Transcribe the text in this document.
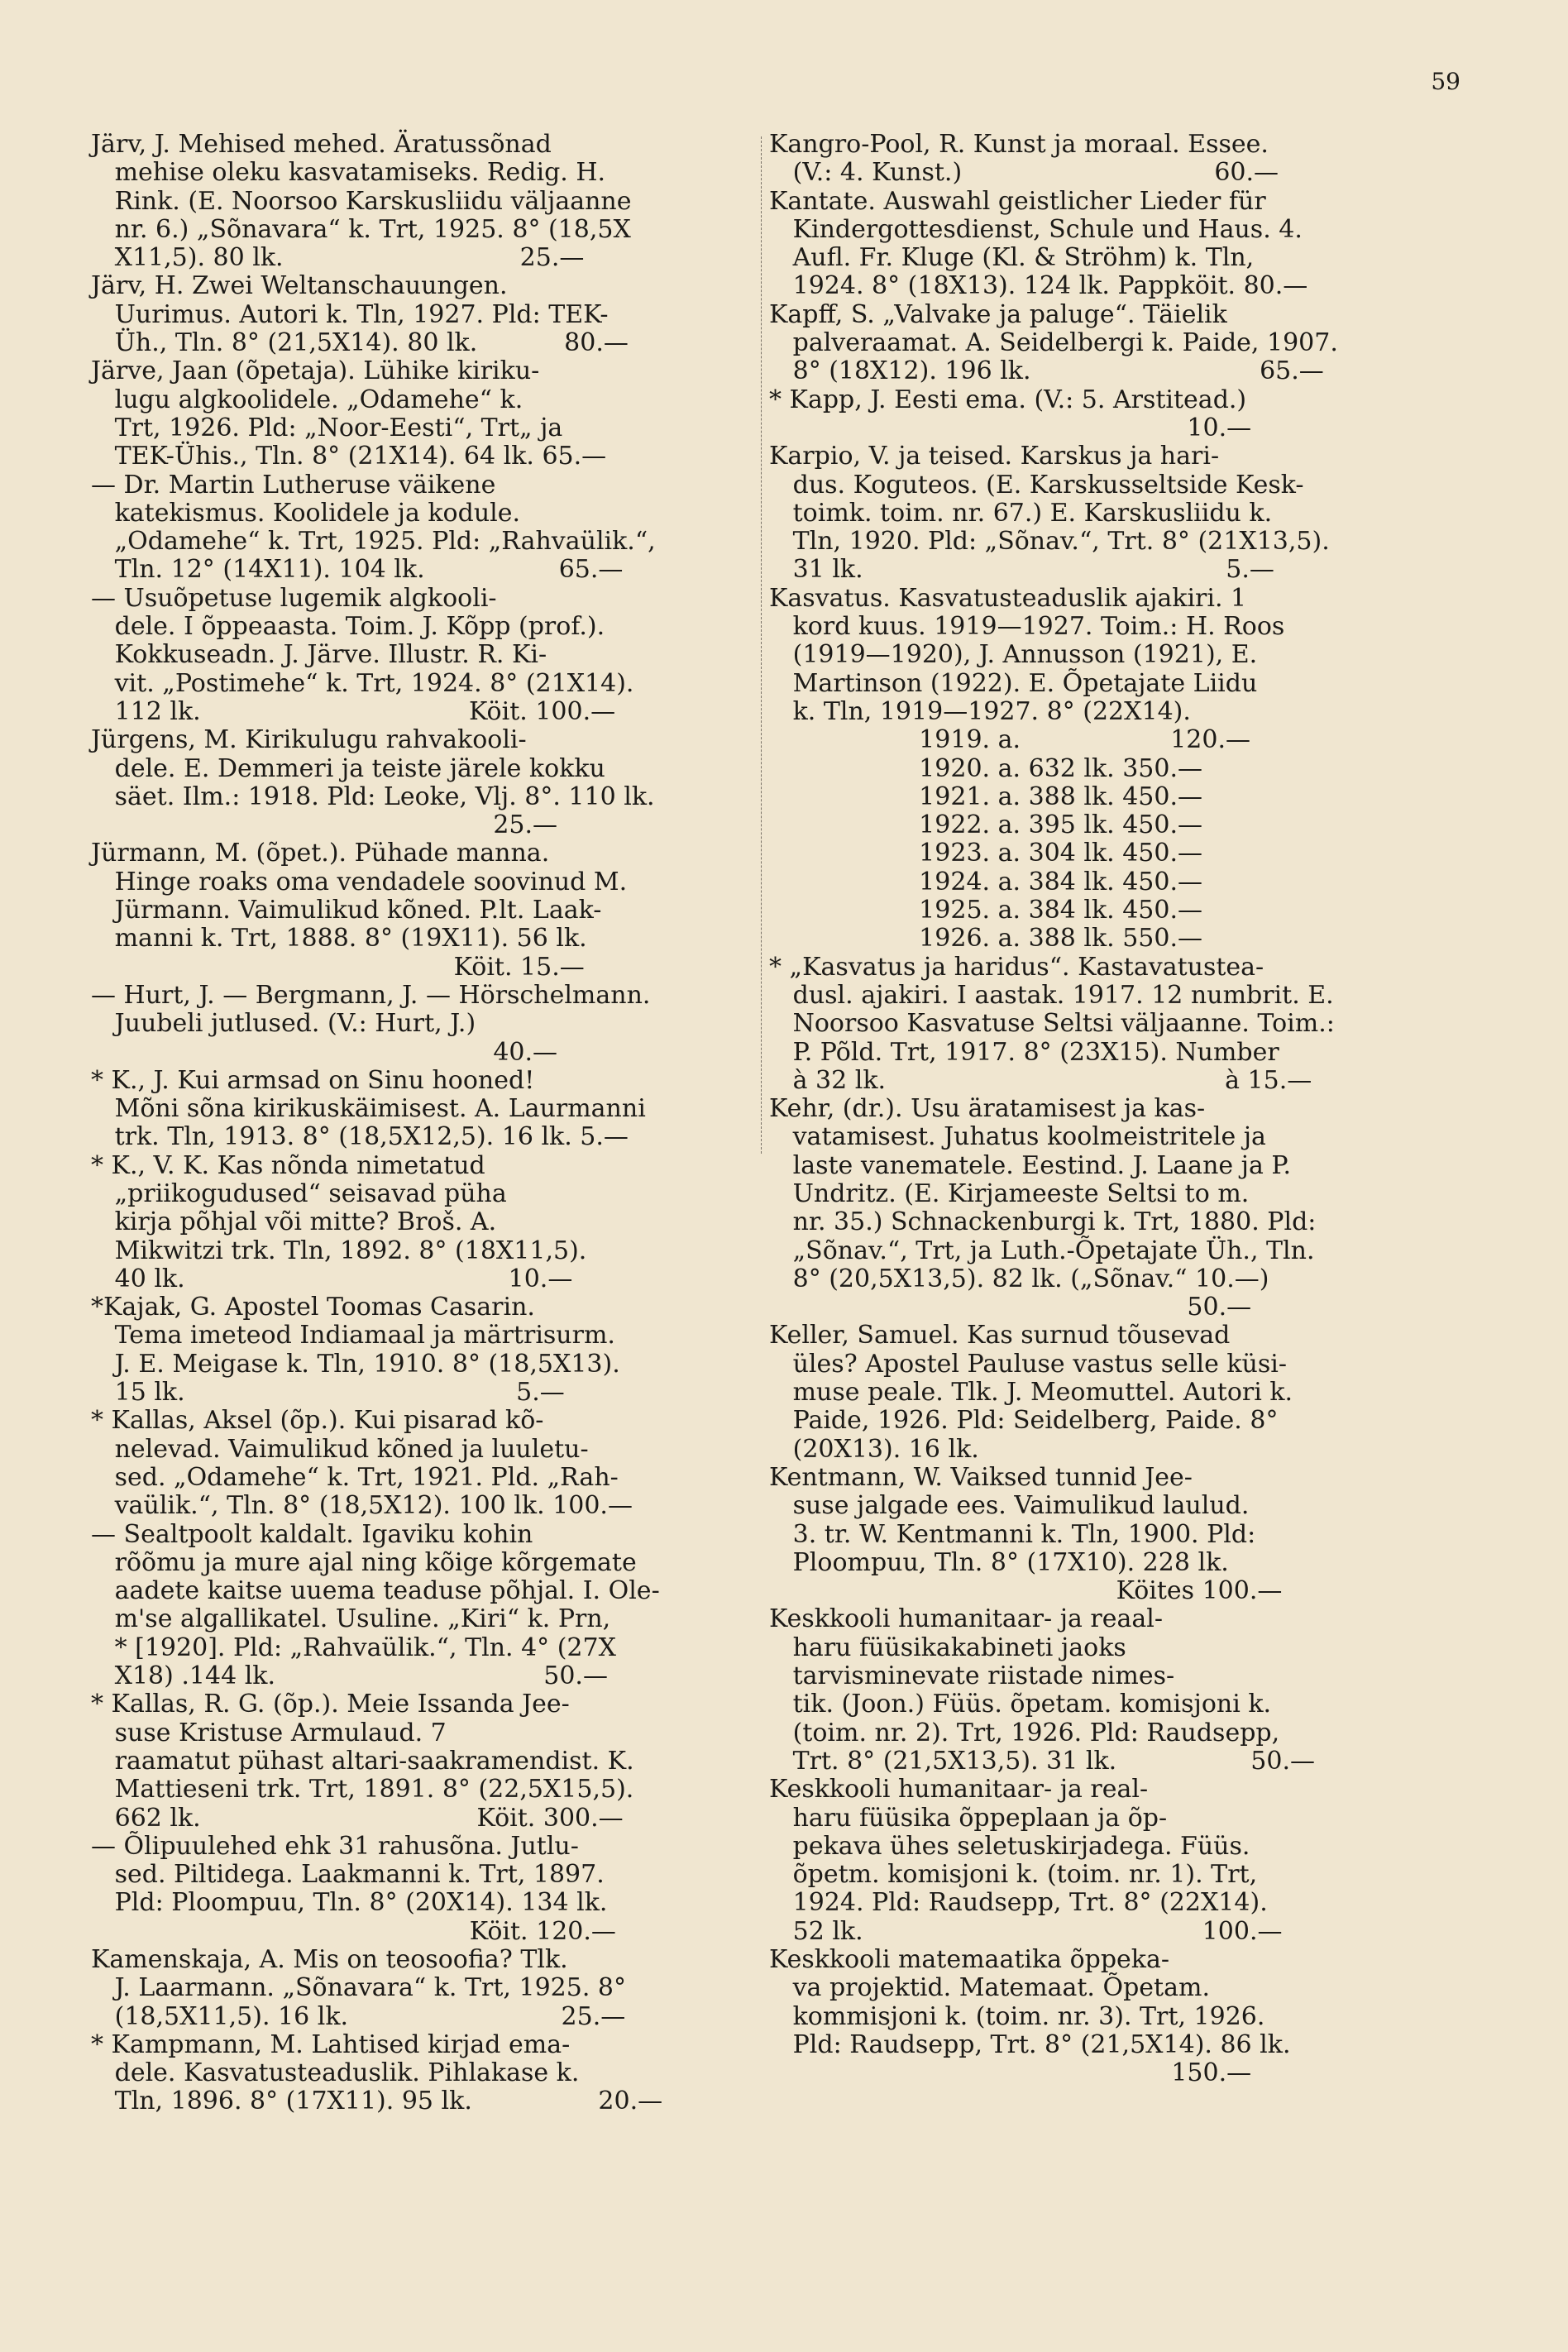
59
Järv, J. Mehised mehed. Äratussõnad
mehise oleku kasvatamiseks. Redig. H.
Rink. (E. Noorsoo Karskusliidu väljaanne
nr. 6.) „Sõnavara“ k. Trt, 1925. 8° (18,5X
X11,5). 80 lk.                              25.—
Järv, H. Zwei Weltanschauungen.
Uurimus. Autori k. Tln, 1927. Pld: TEK-
Üh., Tln. 8° (21,5X14). 80 lk.           80.—
Järve, Jaan (õpetaja). Lühike kiriku-
lugu algkoolidele. „Odamehe“ k.
Trt, 1926. Pld: „Noor-Eesti“, Trt„ ja
TEK-Ühis., Tln. 8° (21X14). 64 lk. 65.—
— Dr. Martin Lutheruse väikene
katekismus. Koolidele ja kodule.
„Odamehe“ k. Trt, 1925. Pld: „Rahvaülik.“,
Tln. 12° (14X11). 104 lk.                 65.—
— Usuõpetuse lugemik algkooli-
dele. I õppeaasta. Toim. J. Kõpp (prof.).
Kokkuseadn. J. Järve. Illustr. R. Ki-
vit. „Postimehe“ k. Trt, 1924. 8° (21X14).
112 lk.                                  Köit. 100.—
Jürgens, M. Kirikulugu rahvakooli-
dele. E. Demmeri ja teiste järele kokku
säet. Ilm.: 1918. Pld: Leoke, Vlj. 8°. 110 lk.
25.—
Jürmann, M. (õpet.). Pühade manna.
Hinge roaks oma vendadele soovinud M.
Jürmann. Vaimulikud kõned. P.lt. Laak-
manni k. Trt, 1888. 8° (19X11). 56 lk.
Köit. 15.—
— Hurt, J. — Bergmann, J. — Hörschelmann.
Juubeli jutlused. (V.: Hurt, J.)
40.—
* K., J. Kui armsad on Sinu hooned!
Mõni sõna kirikuskäimisest. A. Laurmanni
trk. Tln, 1913. 8° (18,5X12,5). 16 lk. 5.—
* K., V. K. Kas nõnda nimetatud
„priikogudused“ seisavad püha
kirja põhjal või mitte? Broš. A.
Mikwitzi trk. Tln, 1892. 8° (18X11,5).
40 lk.                                         10.—
*Kajak, G. Apostel Toomas Casarin.
Tema imeteod Indiamaal ja märtrisurm.
J. E. Meigase k. Tln, 1910. 8° (18,5X13).
15 lk.                                          5.—
* Kallas, Aksel (õp.). Kui pisarad kõ-
nelevad. Vaimulikud kõned ja luuletu-
sed. „Odamehe“ k. Trt, 1921. Pld. „Rah-
vaülik.“, Tln. 8° (18,5X12). 100 lk. 100.—
— Sealtpoolt kaldalt. Igaviku kohin
rõõmu ja mure ajal ning kõige kõrgemate
aadete kaitse uuema teaduse põhjal. I. Ole-
m'se algallikatel. Usuline. „Kiri“ k. Prn,
* [1920]. Pld: „Rahvaülik.“, Tln. 4° (27X
X18) .144 lk.                                  50.—
* Kallas, R. G. (õp.). Meie Issanda Jee-
suse Kristuse Armulaud. 7
raamatut pühast altari-saakramendist. K.
Mattieseni trk. Trt, 1891. 8° (22,5X15,5).
662 lk.                                   Köit. 300.—
— Õlipuulehed ehk 31 rahusõna. Jutlu-
sed. Piltidega. Laakmanni k. Trt, 1897.
Pld: Ploompuu, Tln. 8° (20X14). 134 lk.
Köit. 120.—
Kamenskaja, A. Mis on teosoofia? Tlk.
J. Laarmann. „Sõnavara“ k. Trt, 1925. 8°
(18,5X11,5). 16 lk.                           25.—
* Kampmann, M. Lahtised kirjad ema-
dele. Kasvatusteaduslik. Pihlakase k.
Tln, 1896. 8° (17X11). 95 lk.                20.—
Kangro-Pool, R. Kunst ja moraal. Essee.
(V.: 4. Kunst.)                                60.—
Kantate. Auswahl geistlicher Lieder für
Kindergottesdienst, Schule und Haus. 4.
Aufl. Fr. Kluge (Kl. & Ströhm) k. Tln,
1924. 8° (18X13). 124 lk. Pappköit. 80.—
Kapff, S. „Valvake ja paluge“. Täielik
palveraamat. A. Seidelbergi k. Paide, 1907.
8° (18X12). 196 lk.                             65.—
* Kapp, J. Eesti ema. (V.: 5. Arstitead.)
10.—
Karpio, V. ja teised. Karskus ja hari-
dus. Koguteos. (E. Karskusseltside Kesk-
toimk. toim. nr. 67.) E. Karskusliidu k.
Tln, 1920. Pld: „Sõnav.“, Trt. 8° (21X13,5).
31 lk.                                              5.—
Kasvatus. Kasvatusteaduslik ajakiri. 1
kord kuus. 1919—1927. Toim.: H. Roos
(1919—1920), J. Annusson (1921), E.
Martinson (1922). E. Õpetajate Liidu
k. Tln, 1919—1927. 8° (22X14).
1919. a.                   120.—
1920. a. 632 lk. 350.—
1921. a. 388 lk. 450.—
1922. a. 395 lk. 450.—
1923. a. 304 lk. 450.—
1924. a. 384 lk. 450.—
1925. a. 384 lk. 450.—
1926. a. 388 lk. 550.—
* „Kasvatus ja haridus“. Kastavatustea-
dusl. ajakiri. I aastak. 1917. 12 numbrit. E.
Noorsoo Kasvatuse Seltsi väljaanne. Toim.:
P. Põld. Trt, 1917. 8° (23X15). Number
à 32 lk.                                           à 15.—
Kehr, (dr.). Usu äratamisest ja kas-
vatamisest. Juhatus koolmeistritele ja
laste vanematele. Eestind. J. Laane ja P.
Undritz. (E. Kirjameeste Seltsi to m.
nr. 35.) Schnackenburgi k. Trt, 1880. Pld:
„Sõnav.“, Trt, ja Luth.-Õpetajate Üh., Tln.
8° (20,5X13,5). 82 lk. („Sõnav.“ 10.—)
50.—
Keller, Samuel. Kas surnud tõusevad
üles? Apostel Pauluse vastus selle küsi-
muse peale. Tlk. J. Meomuttel. Autori k.
Paide, 1926. Pld: Seidelberg, Paide. 8°
(20X13). 16 lk.
Kentmann, W. Vaiksed tunnid Jee-
suse jalgade ees. Vaimulikud laulud.
3. tr. W. Kentmanni k. Tln, 1900. Pld:
Ploompuu, Tln. 8° (17X10). 228 lk.
Köites 100.—
Keskkooli humanitaar- ja reaal-
haru füüsikakabineti jaoks
tarvisminevate riistade nimes-
tik. (Joon.) Füüs. õpetam. komisjoni k.
(toim. nr. 2). Trt, 1926. Pld: Raudsepp,
Trt. 8° (21,5X13,5). 31 lk.                 50.—
Keskkooli humanitaar- ja real-
haru füüsika õppeplaan ja õp-
pekava ühes seletuskirjadega. Füüs.
õpetm. komisjoni k. (toim. nr. 1). Trt,
1924. Pld: Raudsepp, Trt. 8° (22X14).
52 lk.                                           100.—
Keskkooli matemaatika õppeka-
va projektid. Matemaat. Õpetam.
kommisjoni k. (toim. nr. 3). Trt, 1926.
Pld: Raudsepp, Trt. 8° (21,5X14). 86 lk.
150.—
